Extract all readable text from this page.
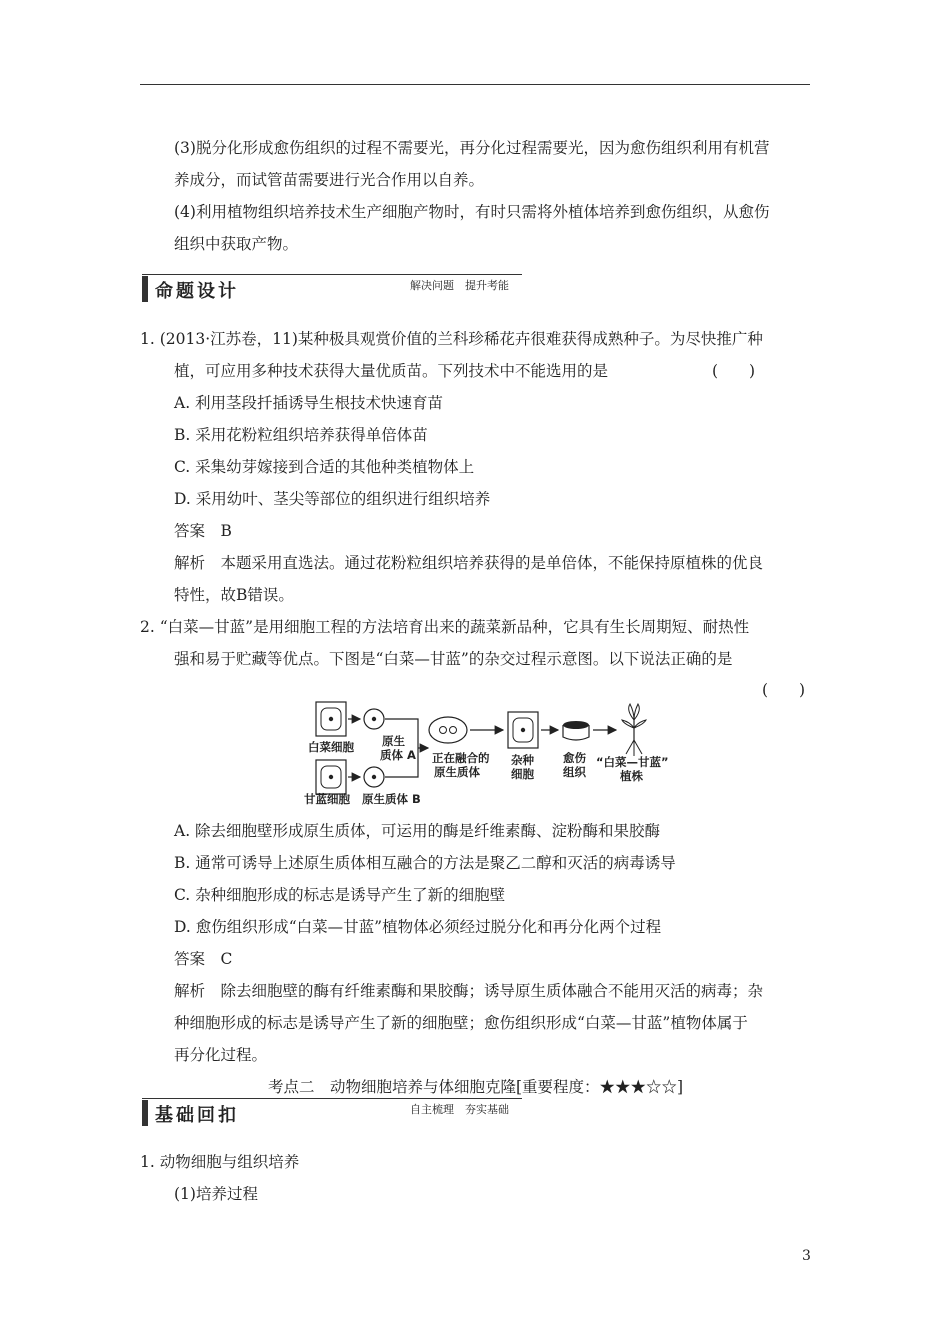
(3)脱分化形成愈伤组织的过程不需要光，再分化过程需要光，因为愈伤组织利用有机营
养成分，而试管苗需要进行光合作用以自养。
(4)利用植物组织培养技术生产细胞产物时，有时只需将外植体培养到愈伤组织，从愈伤
组织中获取产物。
命题设计	解决问题　提升考能
1. (2013·江苏卷，11)某种极具观赏价值的兰科珍稀花卉很难获得成熟种子。为尽快推广种
植，可应用多种技术获得大量优质苗。下列技术中不能选用的是	(　　)
A. 利用茎段扦插诱导生根技术快速育苗
B. 采用花粉粒组织培养获得单倍体苗
C. 采集幼芽嫁接到合适的其他种类植物体上
D. 采用幼叶、茎尖等部位的组织进行组织培养
答案　B
解析　本题采用直选法。通过花粉粒组织培养获得的是单倍体，不能保持原植株的优良
特性，故B错误。
2. “白菜—甘蓝”是用细胞工程的方法培育出来的蔬菜新品种，它具有生长周期短、耐热性
强和易于贮藏等优点。下图是“白菜—甘蓝”的杂交过程示意图。以下说法正确的是
(　　)
白菜细胞 原生
质体 A
甘蓝细胞 原生质体 B
正在融合的
原生质体
杂种
细胞
愈伤
组织
“白菜—甘蓝”
植株
A. 除去细胞壁形成原生质体，可运用的酶是纤维素酶、淀粉酶和果胶酶
B. 通常可诱导上述原生质体相互融合的方法是聚乙二醇和灭活的病毒诱导
C. 杂种细胞形成的标志是诱导产生了新的细胞壁
D. 愈伤组织形成“白菜—甘蓝”植物体必须经过脱分化和再分化两个过程
答案　C
解析　除去细胞壁的酶有纤维素酶和果胶酶；诱导原生质体融合不能用灭活的病毒；杂
种细胞形成的标志是诱导产生了新的细胞壁；愈伤组织形成“白菜—甘蓝”植物体属于
再分化过程。
考点二　动物细胞培养与体细胞克隆[重要程度：★★★☆☆]
基础回扣	自主梳理　夯实基础
1. 动物细胞与组织培养
(1)培养过程
3
